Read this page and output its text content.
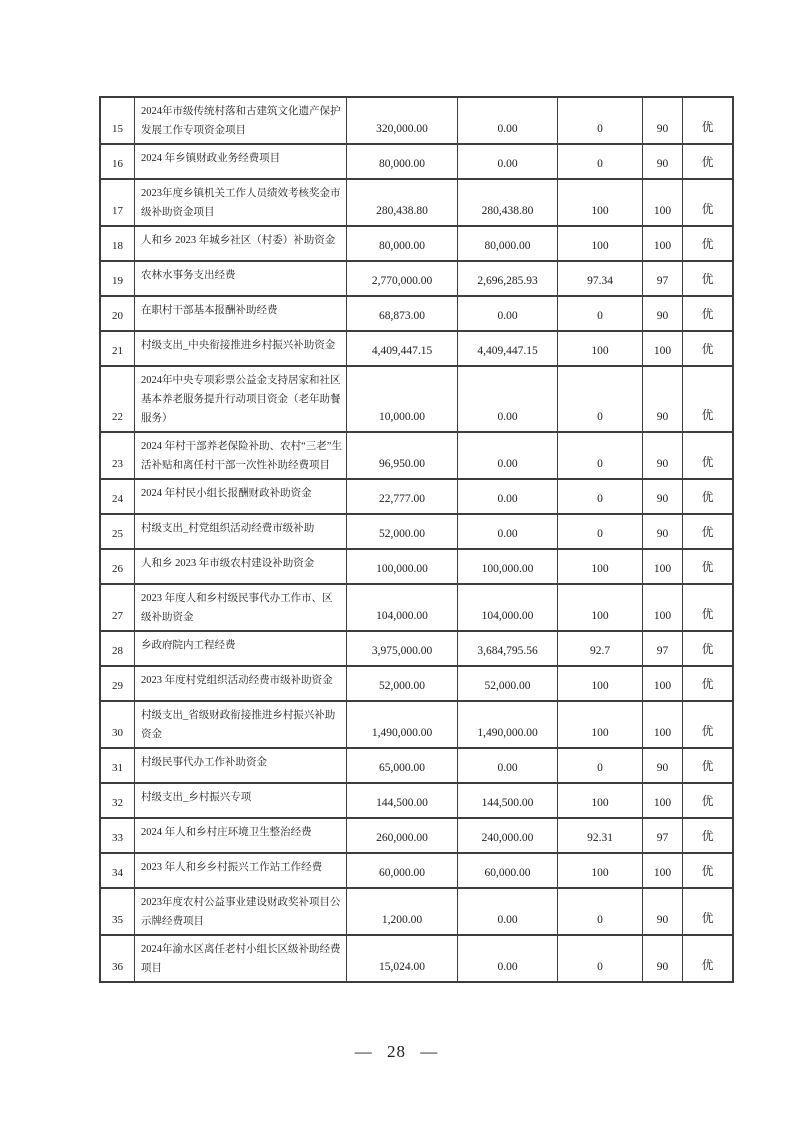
15	2024年市级传统村落和古建筑文化遗产保护发展工作专项资金项目	320,000.00	0.00	0	90	优
16	2024 年乡镇财政业务经费项目	80,000.00	0.00	0	90	优
17	2023年度乡镇机关工作人员绩效考核奖金市级补助资金项目	280,438.80	280,438.80	100	100	优
18	人和乡 2023 年城乡社区（村委）补助资金	80,000.00	80,000.00	100	100	优
19	农林水事务支出经费	2,770,000.00	2,696,285.93	97.34	97	优
20	在职村干部基本报酬补助经费	68,873.00	0.00	0	90	优
21	村级支出_中央衔接推进乡村振兴补助资金	4,409,447.15	4,409,447.15	100	100	优
22	2024年中央专项彩票公益金支持居家和社区基本养老服务提升行动项目资金（老年助餐服务）	10,000.00	0.00	0	90	优
23	2024 年村干部养老保险补助、农村“三老”生活补贴和离任村干部一次性补助经费项目	96,950.00	0.00	0	90	优
24	2024 年村民小组长报酬财政补助资金	22,777.00	0.00	0	90	优
25	村级支出_村党组织活动经费市级补助	52,000.00	0.00	0	90	优
26	人和乡 2023 年市级农村建设补助资金	100,000.00	100,000.00	100	100	优
27	2023 年度人和乡村级民事代办工作市、区级补助资金	104,000.00	104,000.00	100	100	优
28	乡政府院内工程经费	3,975,000.00	3,684,795.56	92.7	97	优
29	2023 年度村党组织活动经费市级补助资金	52,000.00	52,000.00	100	100	优
30	村级支出_省级财政衔接推进乡村振兴补助资金	1,490,000.00	1,490,000.00	100	100	优
31	村级民事代办工作补助资金	65,000.00	0.00	0	90	优
32	村级支出_乡村振兴专项	144,500.00	144,500.00	100	100	优
33	2024 年人和乡村庄环境卫生整治经费	260,000.00	240,000.00	92.31	97	优
34	2023 年人和乡乡村振兴工作站工作经费	60,000.00	60,000.00	100	100	优
35	2023年度农村公益事业建设财政奖补项目公示牌经费项目	1,200.00	0.00	0	90	优
36	2024年渝水区离任老村小组长区级补助经费项目	15,024.00	0.00	0	90	优
— 28 —
